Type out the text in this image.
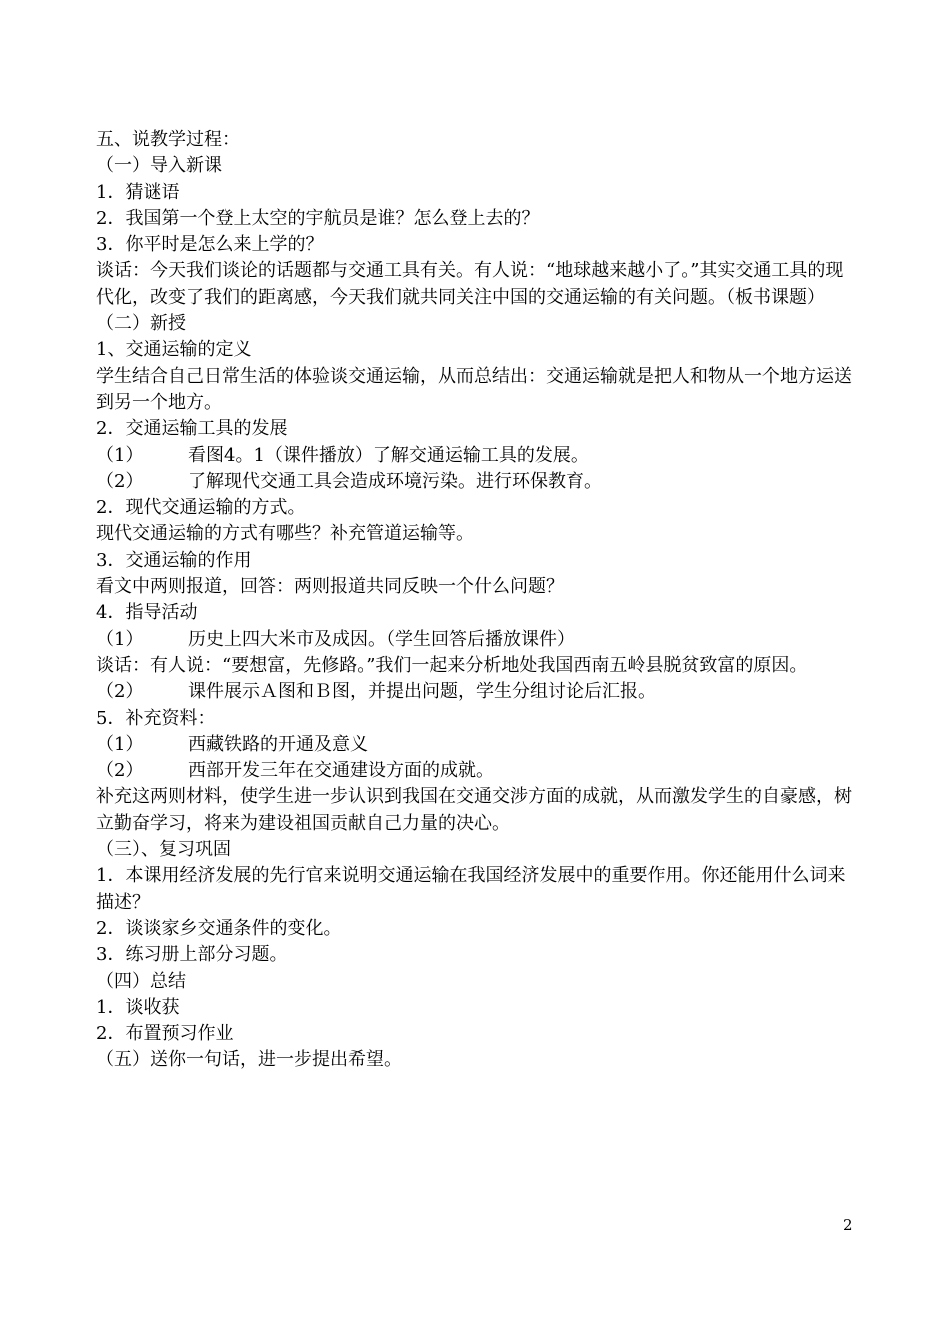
五、说教学过程：
（一）导入新课
1．猜谜语
2．我国第一个登上太空的宇航员是谁？怎么登上去的？
3．你平时是怎么来上学的？
谈话：今天我们谈论的话题都与交通工具有关。有人说：“地球越来越小了。”其实交通工具的现代化，改变了我们的距离感，今天我们就共同关注中国的交通运输的有关问题。（板书课题）
（二）新授
1、交通运输的定义
学生结合自己日常生活的体验谈交通运输，从而总结出：交通运输就是把人和物从一个地方运送到另一个地方。
2．交通运输工具的发展
（1） 看图4。1（课件播放）了解交通运输工具的发展。
（2） 了解现代交通工具会造成环境污染。进行环保教育。
2．现代交通运输的方式。
现代交通运输的方式有哪些？补充管道运输等。
3．交通运输的作用
看文中两则报道，回答：两则报道共同反映一个什么问题？
4．指导活动
（1） 历史上四大米市及成因。（学生回答后播放课件）
谈话：有人说：“要想富，先修路。”我们一起来分析地处我国西南五岭县脱贫致富的原因。
（2） 课件展示Ａ图和Ｂ图，并提出问题，学生分组讨论后汇报。
5．补充资料：
（1） 西藏铁路的开通及意义
（2） 西部开发三年在交通建设方面的成就。
补充这两则材料，使学生进一步认识到我国在交通交涉方面的成就，从而激发学生的自豪感，树立勤奋学习，将来为建设祖国贡献自己力量的决心。
（三）、复习巩固
1．本课用经济发展的先行官来说明交通运输在我国经济发展中的重要作用。你还能用什么词来描述？
2．谈谈家乡交通条件的变化。
3．练习册上部分习题。
（四）总结
1．谈收获
2．布置预习作业
（五）送你一句话，进一步提出希望。
2
